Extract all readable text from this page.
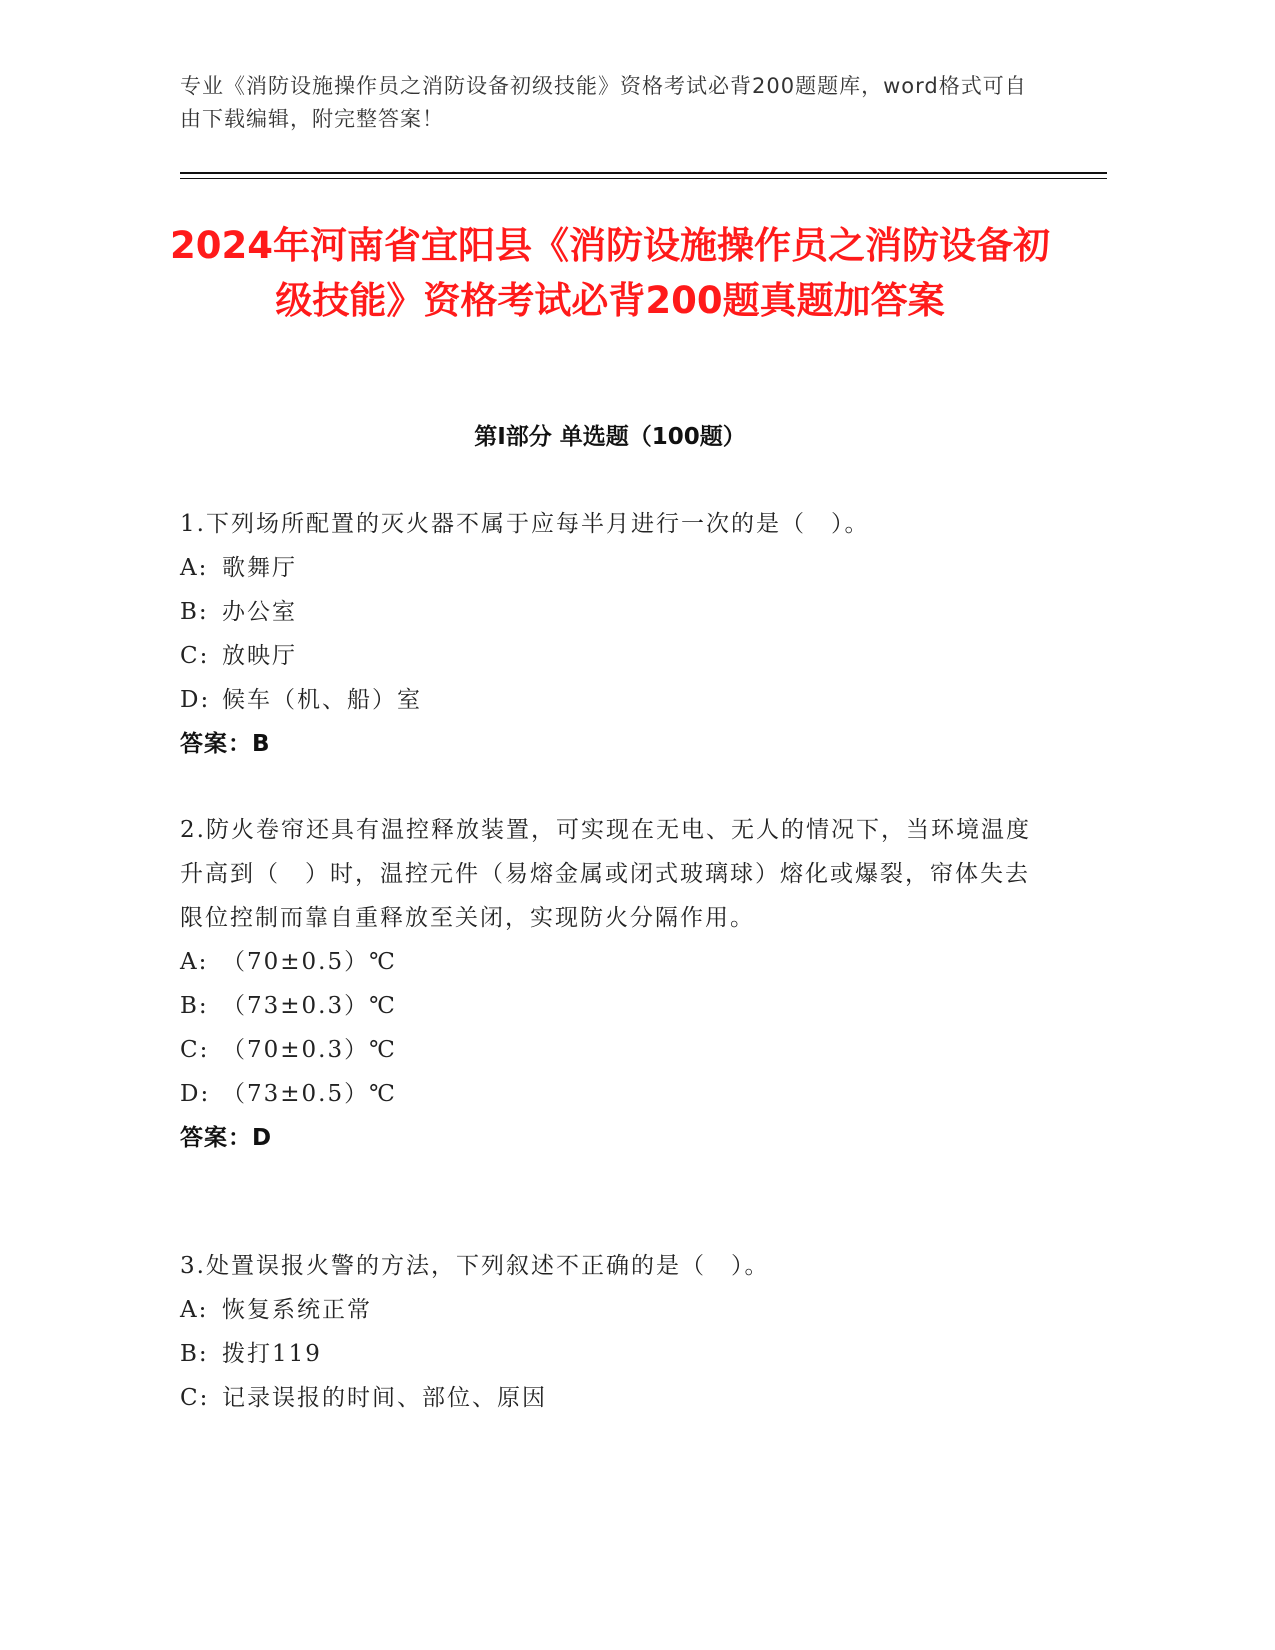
专业《消防设施操作员之消防设备初级技能》资格考试必背200题题库，word格式可自由下载编辑，附完整答案！
2024年河南省宜阳县《消防设施操作员之消防设备初级技能》资格考试必背200题真题加答案
第Ⅰ部分 单选题（100题）

1.下列场所配置的灭火器不属于应每半月进行一次的是（　）。

A: 歌舞厅

B: 办公室

C: 放映厅

D: 候车（机、船）室

答案：B

2.防火卷帘还具有温控释放装置，可实现在无电、无人的情况下，当环境温度升高到（　）时，温控元件（易熔金属或闭式玻璃球）熔化或爆裂，帘体失去限位控制而靠自重释放至关闭，实现防火分隔作用。

A: （70±0.5）℃

B: （73±0.3）℃

C: （70±0.3）℃

D: （73±0.5）℃

答案：D

3.处置误报火警的方法，下列叙述不正确的是（　）。

A: 恢复系统正常

B: 拨打119

C: 记录误报的时间、部位、原因
